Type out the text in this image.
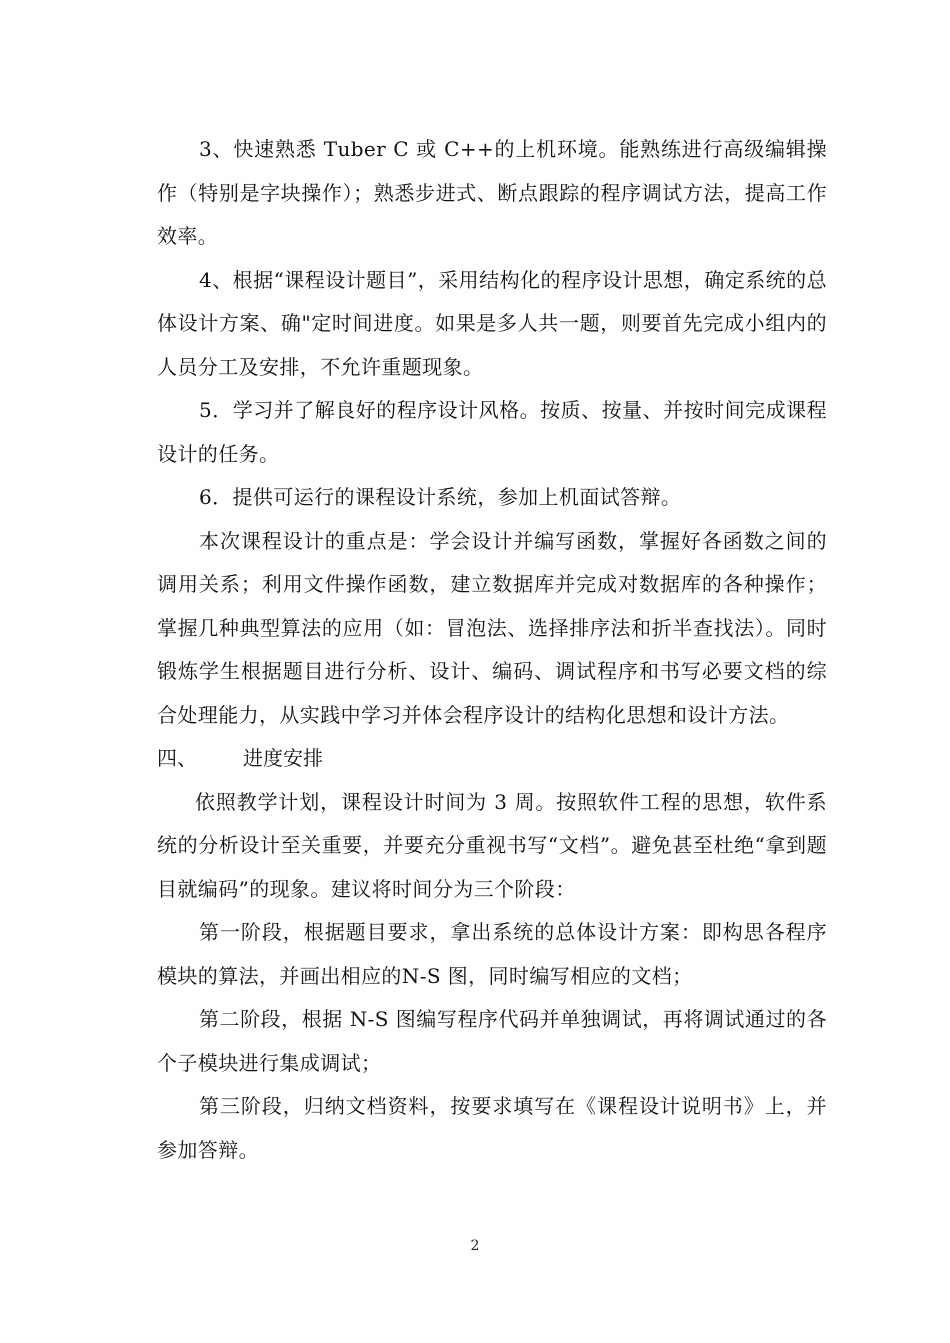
3、快速熟悉 Tuber C 或 C++的上机环境。能熟练进行高级编辑操作（特别是字块操作）；熟悉步进式、断点跟踪的程序调试方法，提高工作效率。

4、根据“课程设计题目”，采用结构化的程序设计思想，确定系统的总体设计方案、确"定时间进度。如果是多人共一题，则要首先完成小组内的人员分工及安排，不允许重题现象。

5．学习并了解良好的程序设计风格。按质、按量、并按时间完成课程设计的任务。

6．提供可运行的课程设计系统，参加上机面试答辩。

本次课程设计的重点是：学会设计并编写函数，掌握好各函数之间的调用关系；利用文件操作函数，建立数据库并完成对数据库的各种操作；掌握几种典型算法的应用（如：冒泡法、选择排序法和折半查找法）。同时锻炼学生根据题目进行分析、设计、编码、调试程序和书写必要文档的综合处理能力，从实践中学习并体会程序设计的结构化思想和设计方法。

四、	进度安排

依照教学计划，课程设计时间为 3 周。按照软件工程的思想，软件系统的分析设计至关重要，并要充分重视书写“文档”。避免甚至杜绝“拿到题目就编码”的现象。建议将时间分为三个阶段：

第一阶段，根据题目要求，拿出系统的总体设计方案：即构思各程序模块的算法，并画出相应的N-S 图，同时编写相应的文档；

第二阶段，根据 N-S 图编写程序代码并单独调试，再将调试通过的各个子模块进行集成调试；

第三阶段，归纳文档资料，按要求填写在《课程设计说明书》上，并参加答辩。

2
